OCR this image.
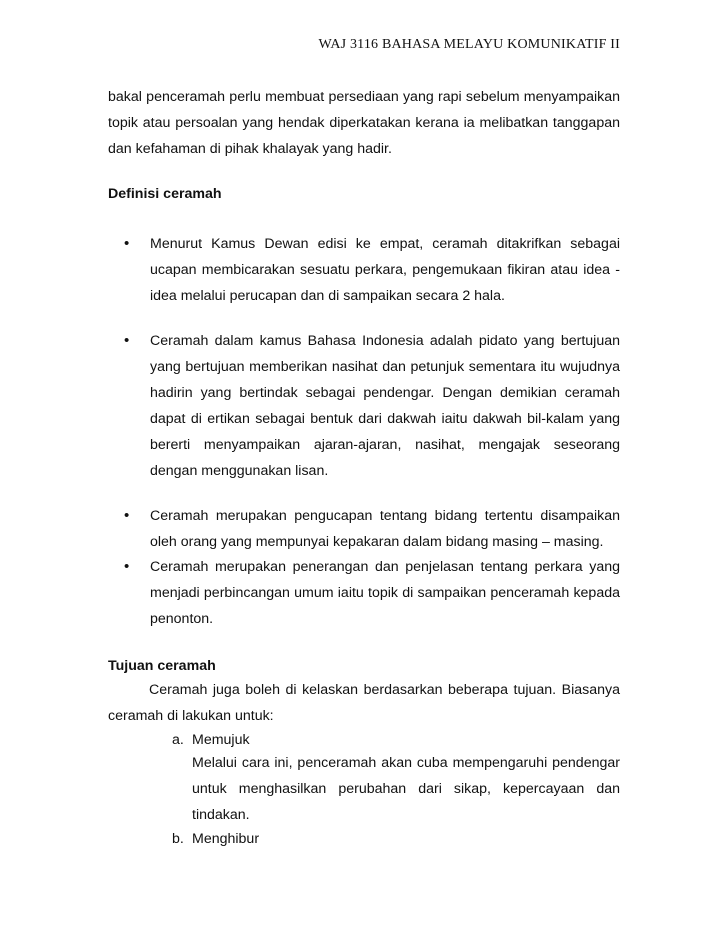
WAJ 3116 BAHASA MELAYU KOMUNIKATIF II

bakal penceramah perlu membuat persediaan yang rapi sebelum menyampaikan topik atau persoalan yang hendak diperkatakan kerana ia melibatkan tanggapan dan kefahaman di pihak khalayak yang hadir.

Definisi ceramah

•

Menurut Kamus Dewan edisi ke empat, ceramah ditakrifkan sebagai ucapan membicarakan sesuatu perkara, pengemukaan fikiran atau idea - idea melalui perucapan dan di sampaikan secara 2 hala.

•

Ceramah dalam kamus Bahasa Indonesia adalah pidato yang bertujuan yang bertujuan memberikan nasihat dan petunjuk sementara itu wujudnya hadirin yang bertindak sebagai pendengar. Dengan demikian ceramah dapat di ertikan sebagai bentuk dari dakwah iaitu dakwah bil-kalam yang bererti menyampaikan ajaran-ajaran, nasihat, mengajak seseorang dengan menggunakan lisan.

•

Ceramah merupakan pengucapan tentang bidang tertentu disampaikan oleh orang yang mempunyai kepakaran dalam bidang masing – masing.

•

Ceramah merupakan penerangan dan penjelasan tentang perkara yang menjadi perbincangan umum iaitu topik di sampaikan penceramah kepada penonton.

Tujuan ceramah

Ceramah juga boleh di kelaskan berdasarkan beberapa tujuan. Biasanya ceramah di lakukan untuk:

a. Memujuk

Melalui cara ini, penceramah akan cuba mempengaruhi pendengar untuk menghasilkan perubahan dari sikap, kepercayaan dan tindakan.

b. Menghibur
